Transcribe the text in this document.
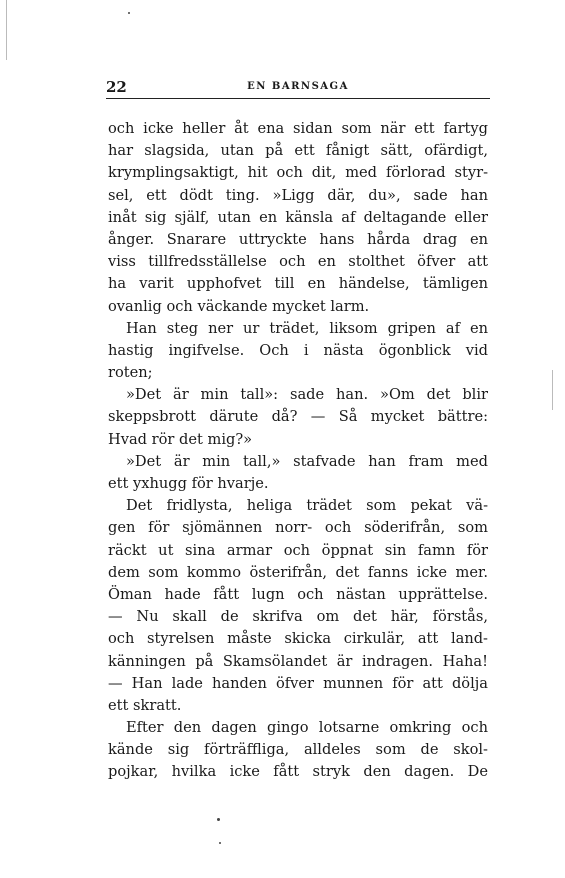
22	EN BARNSAGA
och icke heller åt ena sidan som när ett fartyg
har slagsida, utan på ett fånigt sätt, ofärdigt,
krymplingsaktigt, hit och dit, med förlorad styr-
sel, ett dödt ting. »Ligg där, du», sade han
inåt sig själf, utan en känsla af deltagande eller
ånger. Snarare uttryckte hans hårda drag en
viss tillfredsställelse och en stolthet öfver att
ha varit upphofvet till en händelse, tämligen
ovanlig och väckande mycket larm.
Han steg ner ur trädet, liksom gripen af en
hastig ingifvelse. Och i nästa ögonblick vid
roten;
»Det är min tall»: sade han. »Om det blir
skeppsbrott därute då? — Så mycket bättre:
Hvad rör det mig?»
»Det är min tall,» stafvade han fram med
ett yxhugg för hvarje.
Det fridlysta, heliga trädet som pekat vä-
gen för sjömännen norr- och söderifrån, som
räckt ut sina armar och öppnat sin famn för
dem som kommo österifrån, det fanns icke mer.
Öman hade fått lugn och nästan upprättelse.
— Nu skall de skrifva om det här, förstås,
och styrelsen måste skicka cirkulär, att land-
känningen på Skamsölandet är indragen. Haha!
— Han lade handen öfver munnen för att dölja
ett skratt.
Efter den dagen gingo lotsarne omkring och
kände sig förträffliga, alldeles som de skol-
pojkar, hvilka icke fått stryk den dagen. De
